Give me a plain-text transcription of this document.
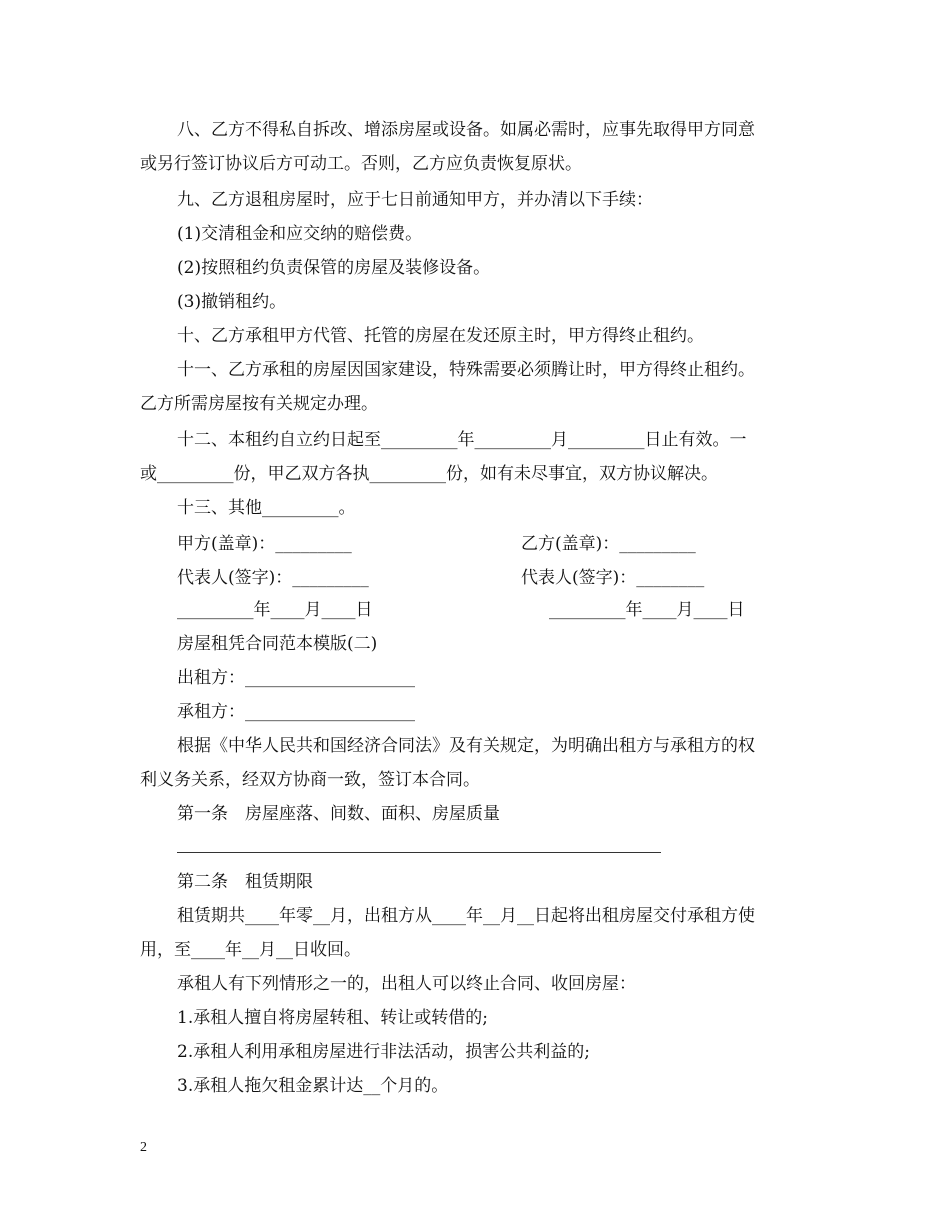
八、乙方不得私自拆改、增添房屋或设备。如属必需时，应事先取得甲方同意
或另行签订协议后方可动工。否则，乙方应负责恢复原状。
九、乙方退租房屋时，应于七日前通知甲方，并办清以下手续：
(1)交清租金和应交纳的赔偿费。
(2)按照租约负责保管的房屋及装修设备。
(3)撤销租约。
十、乙方承租甲方代管、托管的房屋在发还原主时，甲方得终止租约。
十一、乙方承租的房屋因国家建设，特殊需要必须腾让时，甲方得终止租约。
乙方所需房屋按有关规定办理。
十二、本租约自立约日起至_________年_________月_________日止有效。一
或_________份，甲乙双方各执_________份，如有未尽事宜，双方协议解决。
十三、其他_________。
甲方(盖章)：_________	乙方(盖章)：_________
代表人(签字)：_________	代表人(签字)：________
_________年____月____日	_________年____月____日
房屋租凭合同范本模版(二)
出租方：____________________
承租方：____________________
根据《中华人民共和国经济合同法》及有关规定，为明确出租方与承租方的权
利义务关系，经双方协商一致，签订本合同。
第一条　房屋座落、间数、面积、房屋质量
第二条　租赁期限
租赁期共____年零__月，出租方从____年__月__日起将出租房屋交付承租方使
用，至____年__月__日收回。
承租人有下列情形之一的，出租人可以终止合同、收回房屋：
1.承租人擅自将房屋转租、转让或转借的;
2.承租人利用承租房屋进行非法活动，损害公共利益的;
3.承租人拖欠租金累计达__个月的。
2
